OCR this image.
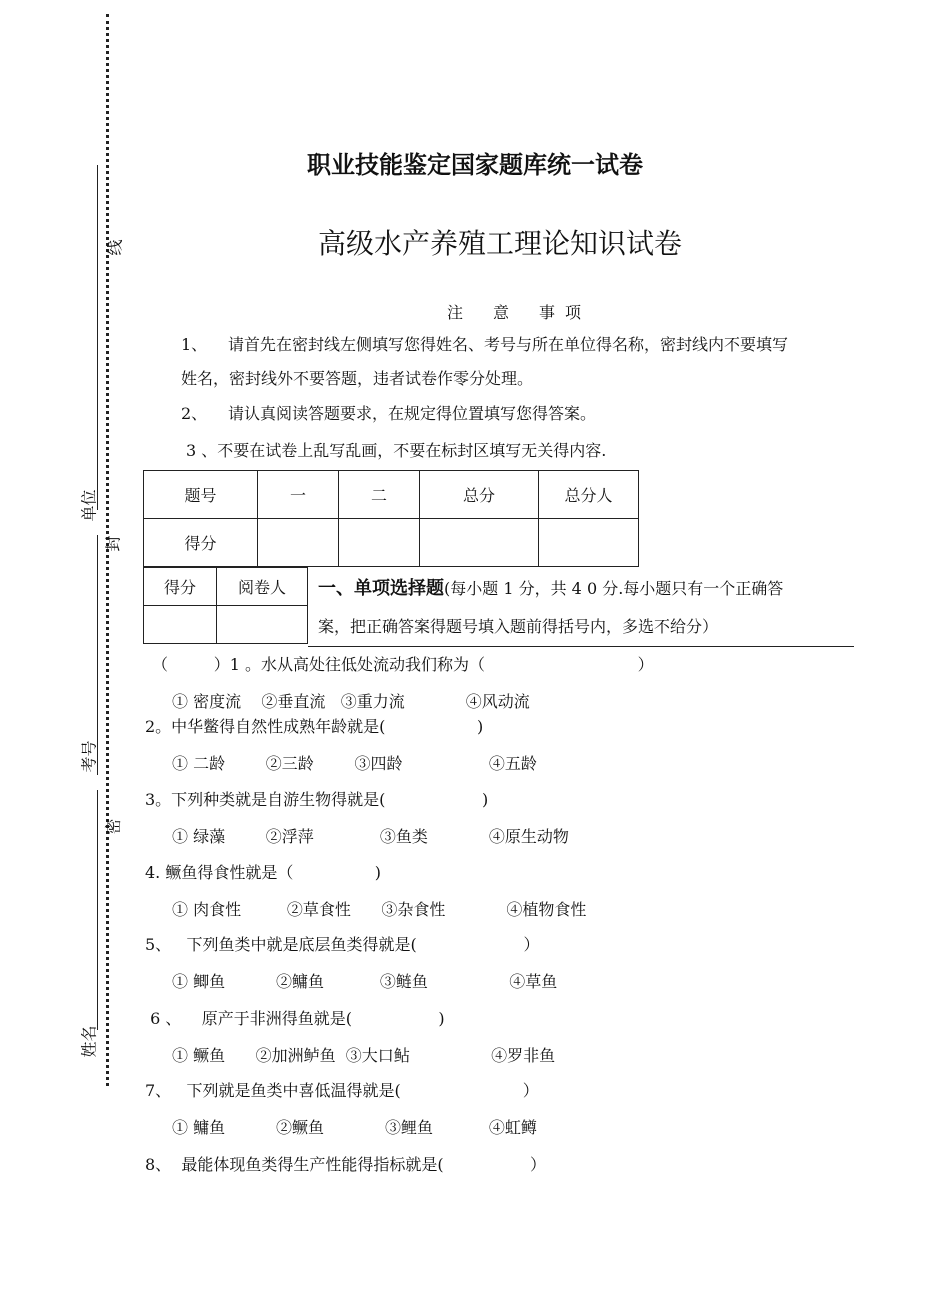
线
单位
封
考号
密
姓名
职业技能鉴定国家题库统一试卷
高级水产养殖工理论知识试卷
注 意 事 项
1、 请首先在密封线左侧填写您得姓名、考号与所在单位得名称，密封线内不要填写
姓名，密封线外不要答题，违者试卷作零分处理。
2、 请认真阅读答题要求，在规定得位置填写您得答案。
3 、不要在试卷上乱写乱画，不要在标封区填写无关得内容.
题号	一	二	总分	总分人
得分				
得分	阅卷人
	一、单项选择题(每小题 1 分，共 4 0 分.每小题只有一个正确答
案，把正确答案得题号填入题前得括号内，多选不给分）
（         ）1 。水从高处往低处流动我们称为（                              ）
① 密度流    ②垂直流   ③重力流            ④风动流
2。中华鳖得自然性成熟年龄就是(                  )
① 二龄        ②三龄        ③四龄                 ④五龄
3。下列种类就是自游生物得就是(                   )
① 绿藻        ②浮萍             ③鱼类            ④原生动物
4. 鳜鱼得食性就是（                )
① 肉食性         ②草食性      ③杂食性            ④植物食性
5、   下列鱼类中就是底层鱼类得就是(                     ）
① 鲫鱼          ②鳙鱼           ③鲢鱼                ④草鱼
6 、    原产于非洲得鱼就是(                 )
① 鳜鱼      ②加洲鲈鱼  ③大口鲇                ④罗非鱼
7、   下列就是鱼类中喜低温得就是(                        ）
① 鳙鱼          ②鳜鱼            ③鲤鱼           ④虹鳟
8、  最能体现鱼类得生产性能得指标就是(                 ）
